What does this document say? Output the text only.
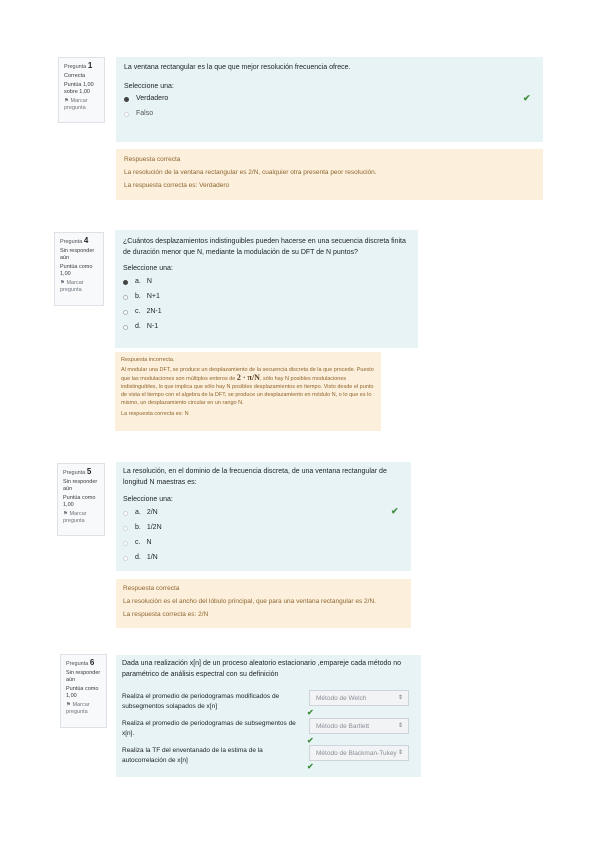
Pregunta 1
Correcta
Puntúa 1,00 sobre 1,00
⚑ Marcar pregunta
La ventana rectangular es la que que mejor resolución frecuencia ofrece.
Seleccione una:
Verdadero
Falso
✔
Respuesta correcta
La resolución de la ventana rectangular es 2/N, cualquier otra presenta peor resolución.
La respuesta correcta es: Verdadero
Pregunta 4
Sin responder aún
Puntúa como 1,00
⚑ Marcar pregunta
¿Cuántos desplazamientos indistinguibles pueden hacerse en una secuencia discreta finita de duración menor que N, mediante la modulación de su DFT de N puntos?
Seleccione una:
a. N
b. N+1
c. 2N-1
d. N-1
Respuesta incorrecta.
Al modular una DFT, se produce un desplazamiento de la secuencia discreta de la que procede. Puesto que las modulaciones son múltiplos enteros de 2 · π/N, sólo hay N posibles modulaciones indistinguibles, lo que implica que sólo hay N posibles desplazamientos en tiempo. Visto desde el punto de vista el tiempo con el algebra de la DFT, se produce un desplazamiento en módulo N, o lo que es lo mismo, un desplazamiento circular en un rango N.
La respuesta correcta es: N
Pregunta 5
Sin responder aún
Puntúa como 1,00
⚑ Marcar pregunta
La resolución, en el dominio de la frecuencia discreta, de una ventana rectangular de longitud N maestras es:
Seleccione una:
a. 2/N
b. 1/2N
c. N
d. 1/N
✔
Respuesta correcta
La resolución es el ancho del lóbulo principal, que para una ventana rectangular es 2/N.
La respuesta correcta es: 2/N
Pregunta 6
Sin responder aún
Puntúa como 1,00
⚑ Marcar pregunta
Dada una realización x[n] de un proceso aleatorio estacionario ,empareje cada método no paramétrico de análisis espectral con su definición
Realiza el promedio de periodogramas modificados de subsegmentos solapados de x[n]
Método de Welch	⇕
✔
Realiza el promedio de periodogramas de subsegmentos de x[n].
Método de Bartlett	⇕
✔
Realiza la TF del enventanado de la estima de la autocorrelación de x[n]
Método de Blackman-Tukey ⇕
✔
